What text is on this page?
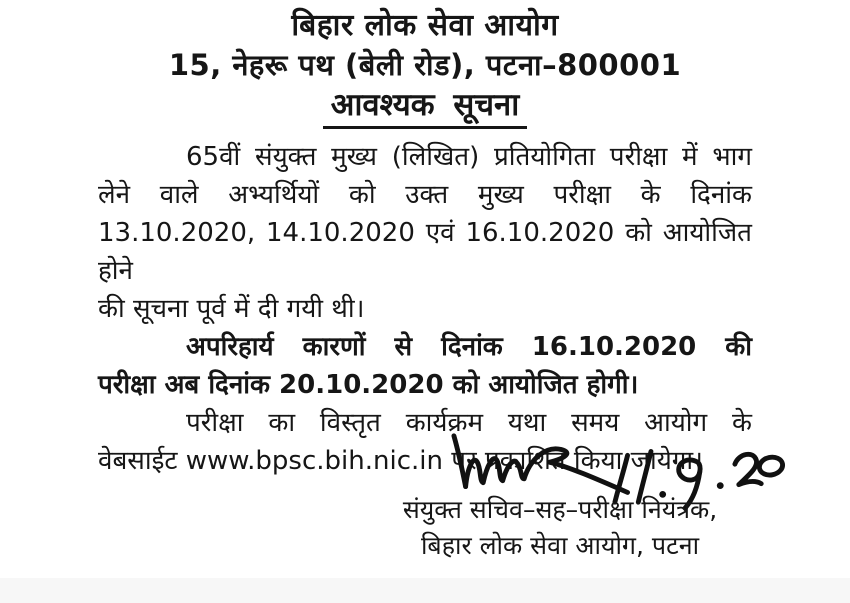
बिहार लोक सेवा आयोग
15, नेहरू पथ (बेली रोड), पटना–800001
आवश्यक सूचना

65वीं संयुक्त मुख्य (लिखित) प्रतियोगिता परीक्षा में भाग
लेने वाले अभ्यर्थियों को उक्त मुख्य परीक्षा के दिनांक
13.10.2020, 14.10.2020 एवं 16.10.2020 को आयोजित होने
की सूचना पूर्व में दी गयी थी।

अपरिहार्य कारणों से दिनांक 16.10.2020 की
परीक्षा अब दिनांक 20.10.2020 को आयोजित होगी।

परीक्षा का विस्तृत कार्यक्रम यथा समय आयोग के
वेबसाईट www.bpsc.bih.nic.in पर प्रकाशित किया जायेगा।

संयुक्त सचिव–सह–परीक्षा नियंत्रक,
बिहार लोक सेवा आयोग, पटना
